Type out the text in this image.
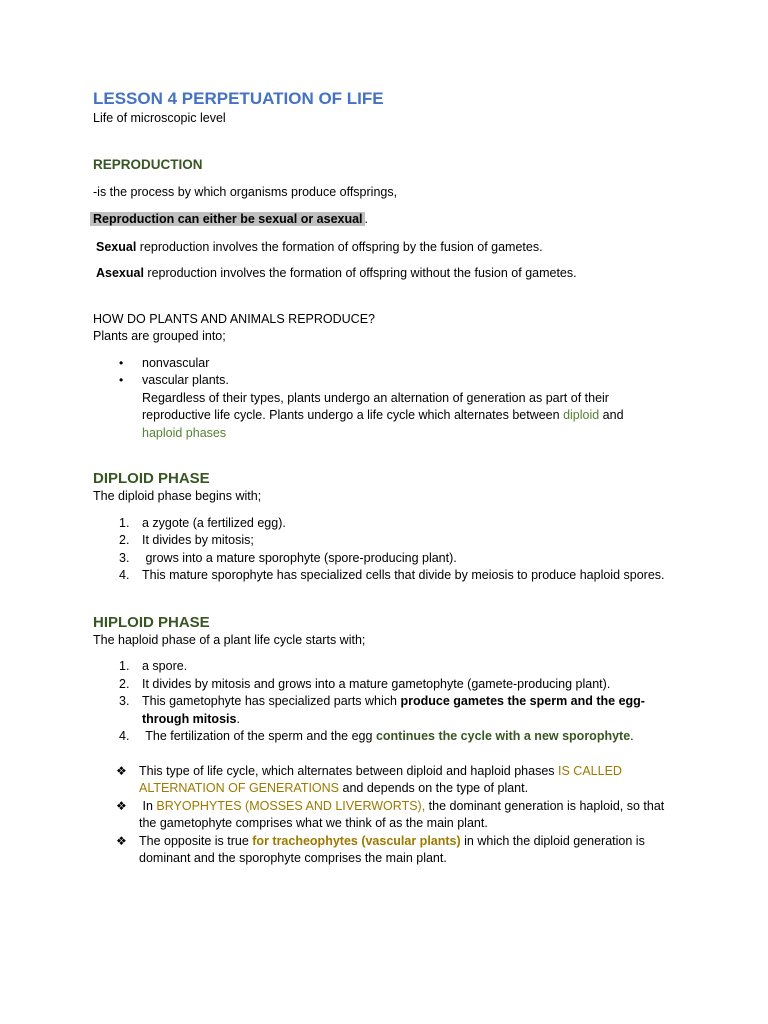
LESSON 4 PERPETUATION OF LIFE

Life of microscopic level

REPRODUCTION

-is the process by which organisms produce offsprings,

Reproduction can either be sexual or asexual .

Sexual reproduction involves the formation of offspring by the fusion of gametes.

Asexual reproduction involves the formation of offspring without the fusion of gametes.

HOW DO PLANTS AND ANIMALS REPRODUCE?

Plants are grouped into;

• nonvascular
• vascular plants.
Regardless of their types, plants undergo an alternation of generation as part of their reproductive life cycle. Plants undergo a life cycle which alternates between diploid and
haploid phases
DIPLOID PHASE

The diploid phase begins with;

1. a zygote (a fertilized egg).
2. It divides by mitosis;
3. grows into a mature sporophyte (spore-producing plant).
4. This mature sporophyte has specialized cells that divide by meiosis to produce haploid spores.
HIPLOID PHASE

The haploid phase of a plant life cycle starts with;

1. a spore.
2. It divides by mitosis and grows into a mature gametophyte (gamete-producing plant).
3. This gametophyte has specialized parts which produce gametes the sperm and the egg- through mitosis.
4. The fertilization of the sperm and the egg continues the cycle with a new sporophyte.
❖ This type of life cycle, which alternates between diploid and haploid phases IS CALLED ALTERNATION OF GENERATIONS and depends on the type of plant.
❖ In BRYOPHYTES (MOSSES AND LIVERWORTS), the dominant generation is haploid, so that the gametophyte comprises what we think of as the main plant.
❖ The opposite is true for tracheophytes (vascular plants) in which the diploid generation is dominant and the sporophyte comprises the main plant.
